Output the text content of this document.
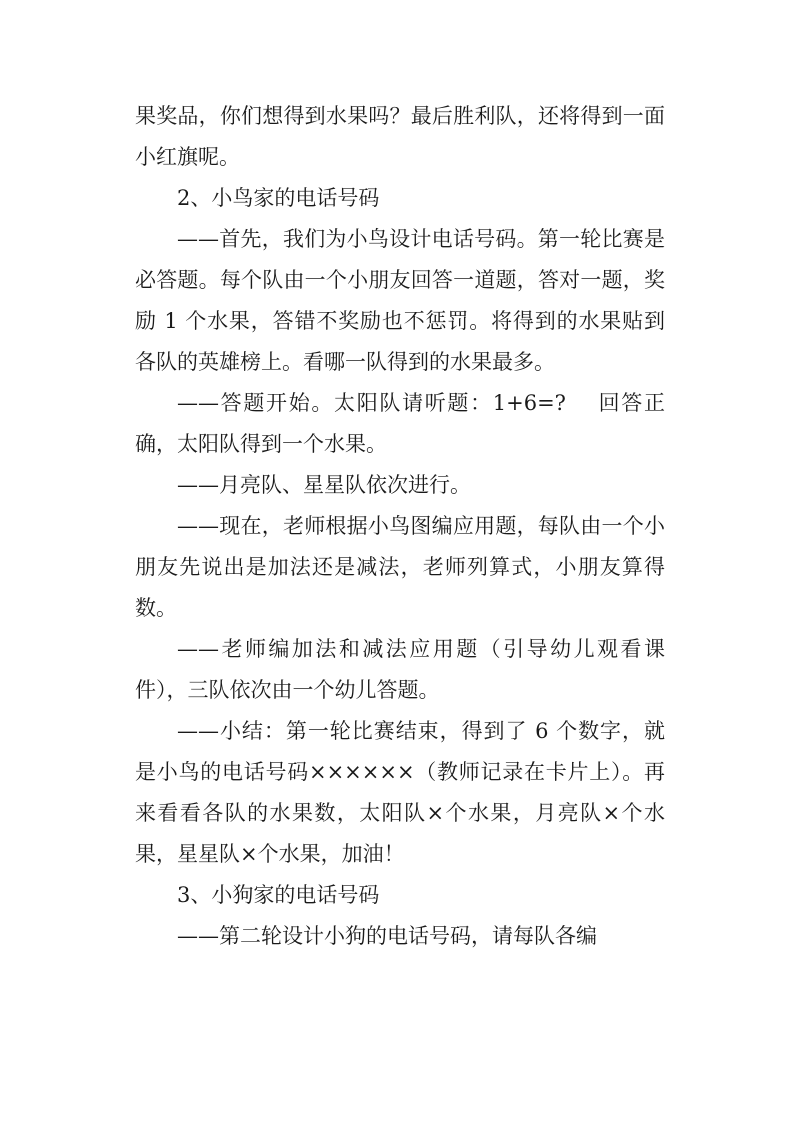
果奖品，你们想得到水果吗？最后胜利队，还将得到一面小红旗呢。

2、小鸟家的电话号码

——首先，我们为小鸟设计电话号码。第一轮比赛是必答题。每个队由一个小朋友回答一道题，答对一题，奖励 1 个水果，答错不奖励也不惩罚。将得到的水果贴到各队的英雄榜上。看哪一队得到的水果最多。

——答题开始。太阳队请听题：1+6=?　 回答正确，太阳队得到一个水果。

——月亮队、星星队依次进行。

——现在，老师根据小鸟图编应用题，每队由一个小朋友先说出是加法还是减法，老师列算式，小朋友算得数。

——老师编加法和减法应用题（引导幼儿观看课件），三队依次由一个幼儿答题。

——小结：第一轮比赛结束，得到了 6 个数字，就是小鸟的电话号码××××××（教师记录在卡片上）。再来看看各队的水果数，太阳队×个水果，月亮队×个水果，星星队×个水果，加油！

3、小狗家的电话号码

——第二轮设计小狗的电话号码，请每队各编
